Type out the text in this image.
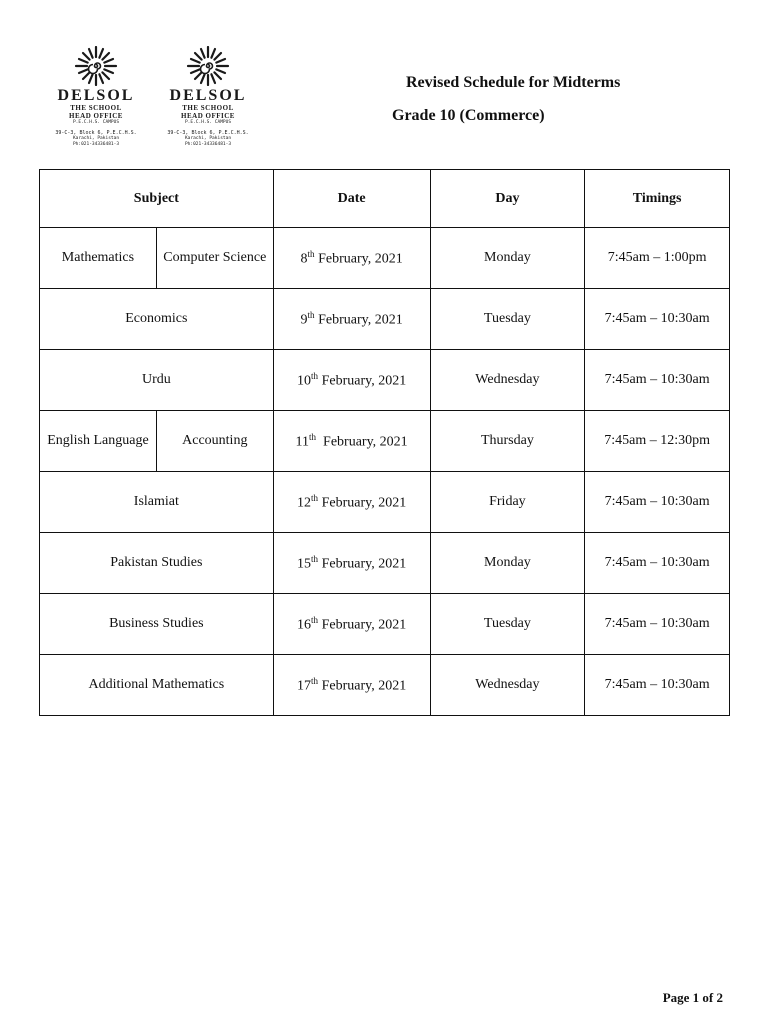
DELSOL
THE SCHOOL
HEAD OFFICE
P.E.C.H.S. CAMPUS
39-C-3, Block 6, P.E.C.H.S.
Karachi, Pakistan
Ph:021-34336481-3
DELSOL
THE SCHOOL
HEAD OFFICE
P.E.C.H.S. CAMPUS
39-C-3, Block 6, P.E.C.H.S.
Karachi, Pakistan
Ph:021-34336481-3
Revised Schedule for Midterms
Grade 10 (Commerce)
Subject		Date	Day	Timings
Mathematics	Computer Science	8th February, 2021	Monday	7:45am – 1:00pm
Economics		9th February, 2021	Tuesday	7:45am – 10:30am
Urdu		10th February, 2021	Wednesday	7:45am – 10:30am
English Language	Accounting	11th  February, 2021	Thursday	7:45am – 12:30pm
Islamiat		12th February, 2021	Friday	7:45am – 10:30am
Pakistan Studies		15th February, 2021	Monday	7:45am – 10:30am
Business Studies		16th February, 2021	Tuesday	7:45am – 10:30am
Additional Mathematics		17th February, 2021	Wednesday	7:45am – 10:30am
Page 1 of 2
